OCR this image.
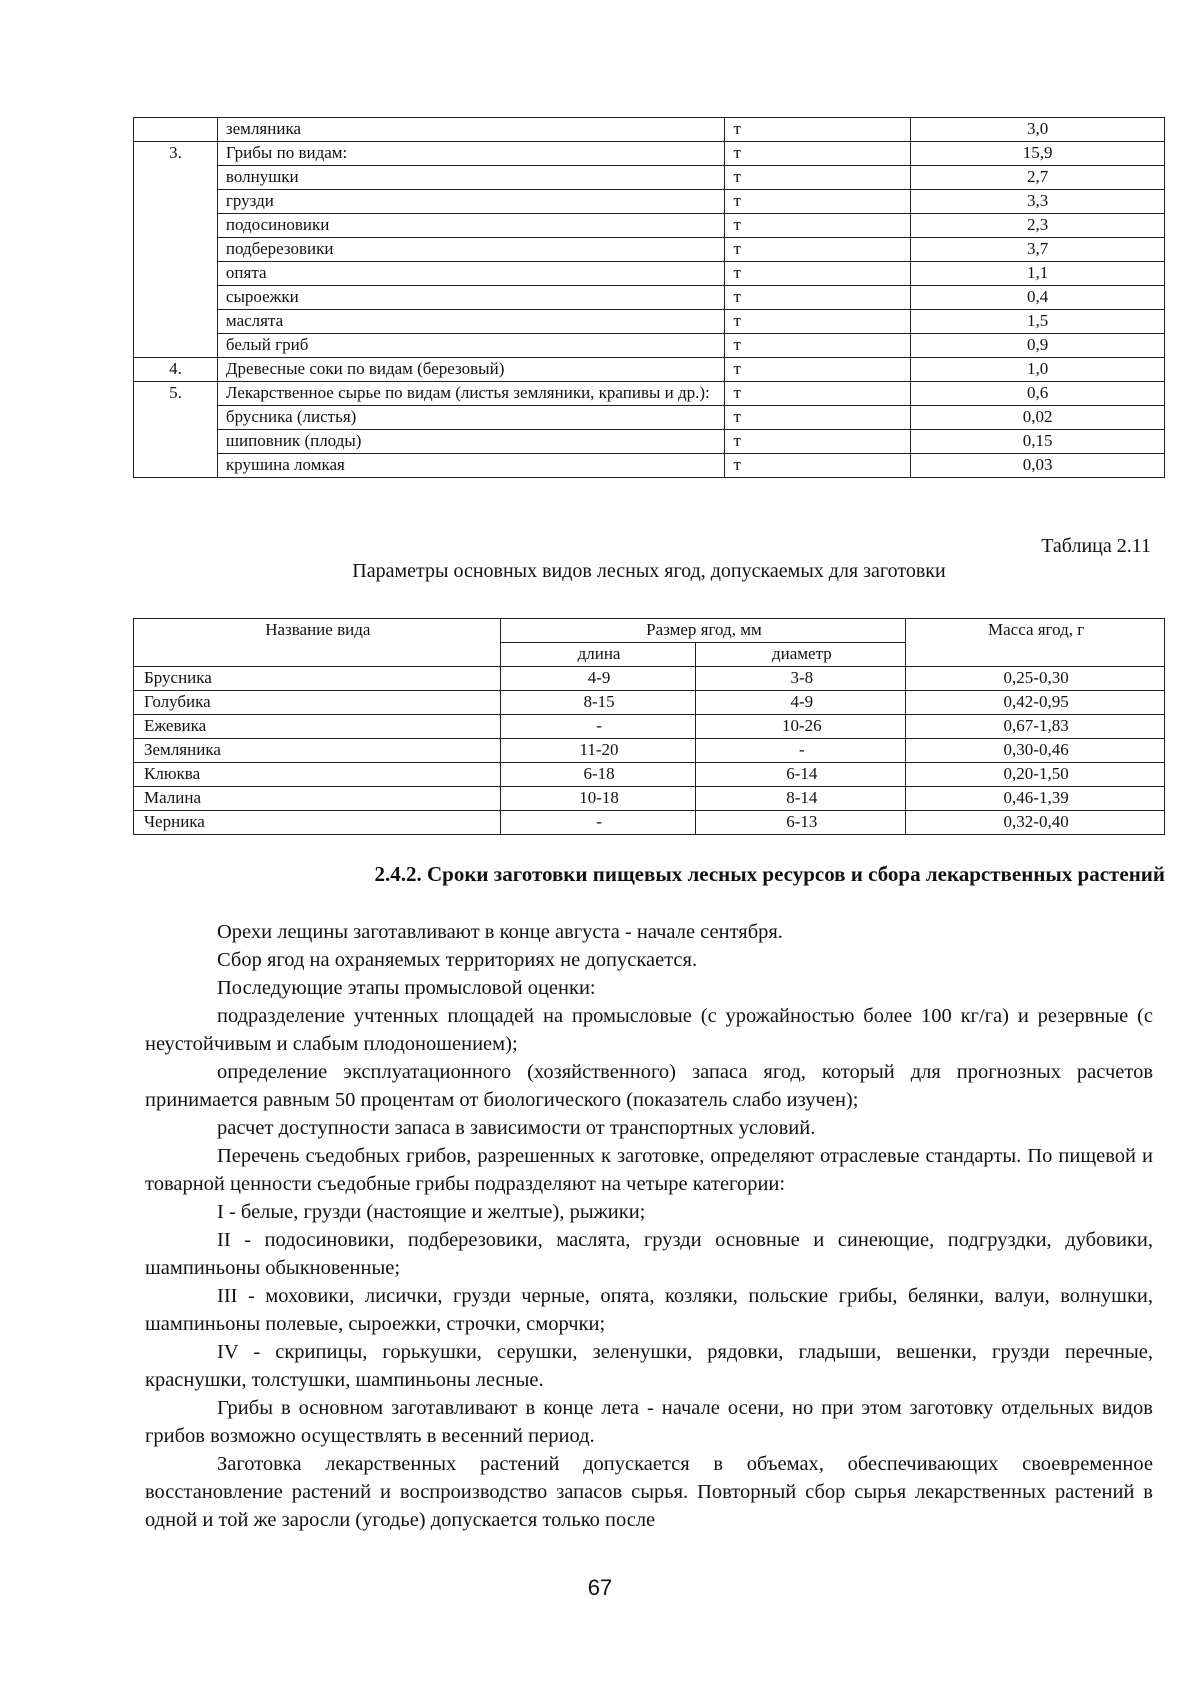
	земляника	т	3,0
3.	Грибы по видам:	т	15,9
	волнушки	т	2,7
	грузди	т	3,3
	подосиновики	т	2,3
	подберезовики	т	3,7
	опята	т	1,1
	сыроежки	т	0,4
	маслята	т	1,5
	белый гриб	т	0,9
4.	Древесные соки по видам (березовый)	т	1,0
5.	Лекарственное сырье по видам (листья земляники, крапивы и др.):	т	0,6
	брусника (листья)	т	0,02
	шиповник (плоды)	т	0,15
	крушина ломкая	т	0,03
Таблица 2.11
Параметры основных видов лесных ягод, допускаемых для заготовки
Название вида	Размер ягод, мм		Масса ягод, г
	длина	диаметр	
Брусника	4-9	3-8	0,25-0,30
Голубика	8-15	4-9	0,42-0,95
Ежевика	-	10-26	0,67-1,83
Земляника	11-20	-	0,30-0,46
Клюква	6-18	6-14	0,20-1,50
Малина	10-18	8-14	0,46-1,39
Черника	-	6-13	0,32-0,40
2.4.2. Сроки заготовки пищевых лесных ресурсов и сбора лекарственных растений

Орехи лещины заготавливают в конце августа - начале сентября.

Сбор ягод на охраняемых территориях не допускается.

Последующие этапы промысловой оценки:

подразделение учтенных площадей на промысловые (с урожайностью более 100 кг/га) и резервные (с неустойчивым и слабым плодоношением);

определение эксплуатационного (хозяйственного) запаса ягод, который для прогнозных расчетов принимается равным 50 процентам от биологического (показатель слабо изучен);

расчет доступности запаса в зависимости от транспортных условий.

Перечень съедобных грибов, разрешенных к заготовке, определяют отраслевые стандарты. По пищевой и товарной ценности съедобные грибы подразделяют на четыре категории:

I - белые, грузди (настоящие и желтые), рыжики;

II - подосиновики, подберезовики, маслята, грузди основные и синеющие, подгруздки, дубовики, шампиньоны обыкновенные;

III - моховики, лисички, грузди черные, опята, козляки, польские грибы, белянки, валуи, волнушки, шампиньоны полевые, сыроежки, строчки, сморчки;

IV - скрипицы, горькушки, серушки, зеленушки, рядовки, гладыши, вешенки, грузди перечные, краснушки, толстушки, шампиньоны лесные.

Грибы в основном заготавливают в конце лета - начале осени, но при этом заготовку отдельных видов грибов возможно осуществлять в весенний период.

Заготовка лекарственных растений допускается в объемах, обеспечивающих своевременное восстановление растений и воспроизводство запасов сырья. Повторный сбор сырья лекарственных растений в одной и той же заросли (угодье) допускается только после

67
